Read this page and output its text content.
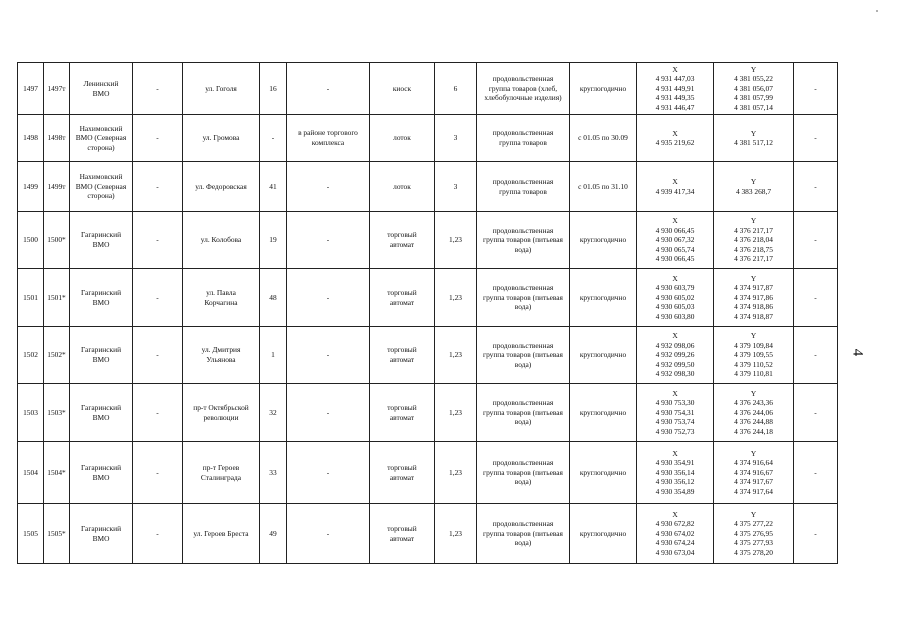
1497	1497т	Ленинский
ВМО	-	ул. Гоголя	16	-	киоск	6	продовольственная
группа товаров (хлеб,
хлебобулочные изделия)	круглогодично	X
4 931 447,03
4 931 449,91
4 931 449,35
4 931 446,47	Y
4 381 055,22
4 381 056,07
4 381 057,99
4 381 057,14	-
1498	1498т	Нахимовский
ВМО (Северная
сторона)	-	ул. Громова	-	в районе торгового
комплекса	лоток	3	продовольственная
группа товаров	с 01.05 по 30.09	X
4 935 219,62	Y
4 381 517,12	-
1499	1499т	Нахимовский
ВМО (Северная
сторона)	-	ул. Федоровская	41	-	лоток	3	продовольственная
группа товаров	с 01.05 по 31.10	X
4 939 417,34	Y
4 383 268,7	-
1500	1500*	Гагаринский
ВМО	-	ул. Колобова	19	-	торговый
автомат	1,23	продовольственная
группа товаров (питьевая
вода)	круглогодично	X
4 930 066,45
4 930 067,32
4 930 065,74
4 930 066,45	Y
4 376 217,17
4 376 218,04
4 376 218,75
4 376 217,17	-
1501	1501*	Гагаринский
ВМО	-	ул. Павла
Корчагина	48	-	торговый
автомат	1,23	продовольственная
группа товаров (питьевая
вода)	круглогодично	X
4 930 603,79
4 930 605,02
4 930 605,03
4 930 603,80	Y
4 374 917,87
4 374 917,86
4 374 918,86
4 374 918,87	-
1502	1502*	Гагаринский
ВМО	-	ул. Дмитрия
Ульянова	1	-	торговый
автомат	1,23	продовольственная
группа товаров (питьевая
вода)	круглогодично	X
4 932 098,06
4 932 099,26
4 932 099,50
4 932 098,30	Y
4 379 109,84
4 379 109,55
4 379 110,52
4 379 110,81	-
1503	1503*	Гагаринский
ВМО	-	пр-т Октябрьской
революции	32	-	торговый
автомат	1,23	продовольственная
группа товаров (питьевая
вода)	круглогодично	X
4 930 753,30
4 930 754,31
4 930 753,74
4 930 752,73	Y
4 376 243,36
4 376 244,06
4 376 244,88
4 376 244,18	-
1504	1504*	Гагаринский
ВМО	-	пр-т Героев
Сталинграда	33	-	торговый
автомат	1,23	продовольственная
группа товаров (питьевая
вода)	круглогодично	X
4 930 354,91
4 930 356,14
4 930 356,12
4 930 354,89	Y
4 374 916,64
4 374 916,67
4 374 917,67
4 374 917,64	-
1505	1505*	Гагаринский
ВМО	-	ул. Героев Бреста	49	-	торговый
автомат	1,23	продовольственная
группа товаров (питьевая
вода)	круглогодично	X
4 930 672,82
4 930 674,02
4 930 674,24
4 930 673,04	Y
4 375 277,22
4 375 276,95
4 375 277,93
4 375 278,20	-
4
